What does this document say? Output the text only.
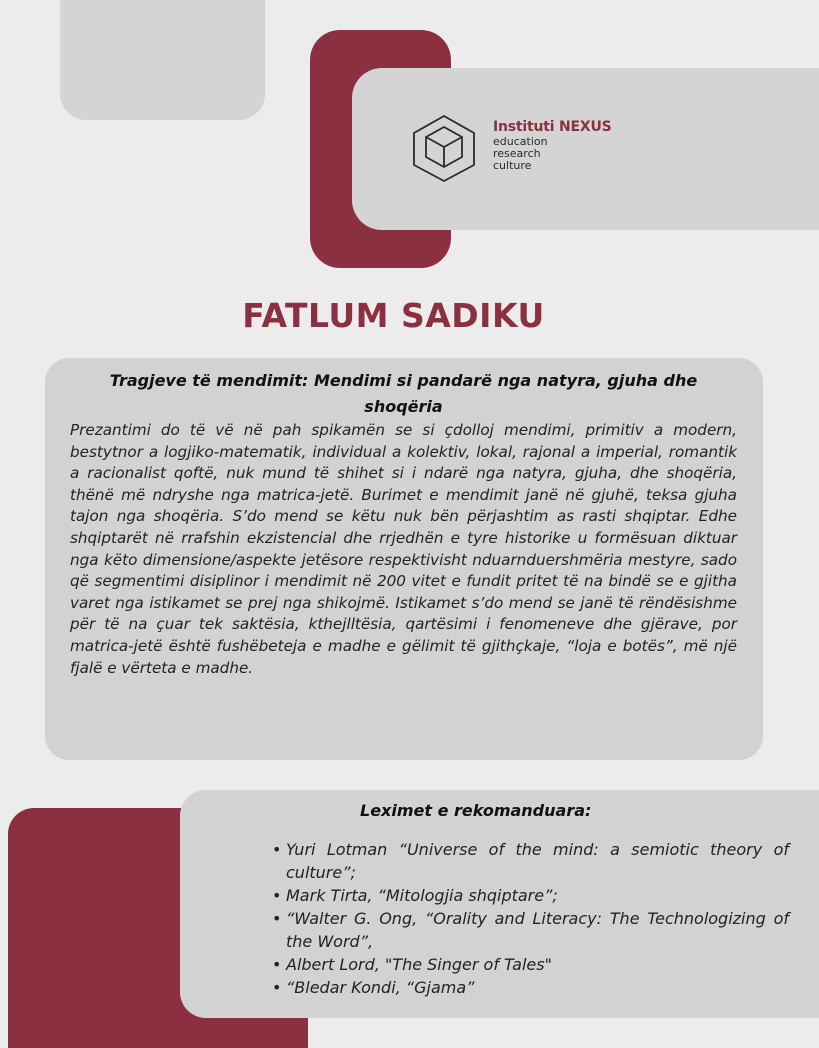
Instituti NEXUS
education
research
culture
FATLUM SADIKU

Tragjeve të mendimit: Mendimi si pandarë nga natyra, gjuha dhe shoqëria

Prezantimi do të vë në pah spikamën se si çdolloj mendimi, primitiv a modern, bestytnor a logjiko-matematik, individual a kolektiv, lokal, rajonal a imperial, romantik a racionalist qoftë, nuk mund të shihet si i ndarë nga natyra, gjuha, dhe shoqëria, thënë më ndryshe nga matrica-jetë. Burimet e mendimit janë në gjuhë, teksa gjuha tajon nga shoqëria. S’do mend se këtu nuk bën përjashtim as rasti shqiptar. Edhe shqiptarët në rrafshin ekzistencial dhe rrjedhën e tyre historike u formësuan diktuar nga këto dimensione/aspekte jetësore respektivisht nduarnduershmëria mestyre, sado që segmentimi disiplinor i mendimit në 200 vitet e fundit pritet të na bindë se e gjitha varet nga istikamet se prej nga shikojmë. Istikamet s’do mend se janë të rëndësishme për të na çuar tek saktësia, kthejlltësia, qartësimi i fenomeneve dhe gjërave, por matrica-jetë është fushëbeteja e madhe e gëlimit të gjithçkaje, “loja e botës”, më një fjalë e vërteta e madhe.

Leximet e rekomanduara:

• Yuri Lotman “Universe of the mind: a semiotic theory of culture”;
• Mark Tirta, “Mitologjia shqiptare”;
• “Walter G. Ong, “Orality and Literacy: The Technologizing of the Word”,
• Albert Lord, "The Singer of Tales"
• “Bledar Kondi, “Gjama”
